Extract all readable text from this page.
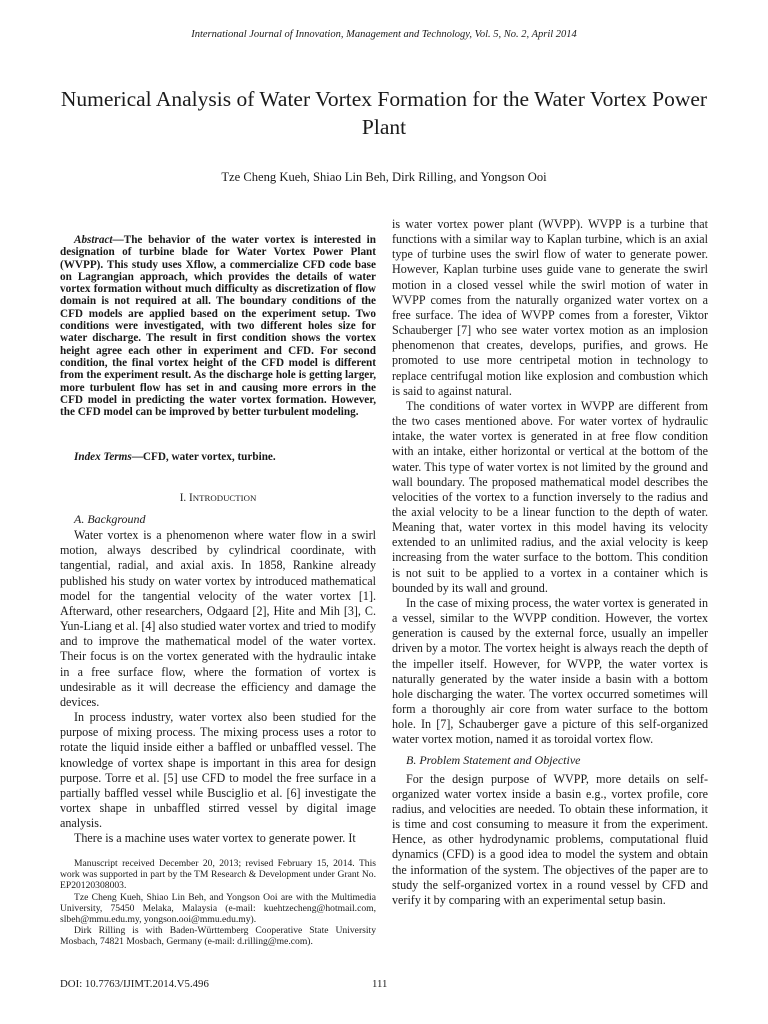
International Journal of Innovation, Management and Technology, Vol. 5, No. 2, April 2014
Numerical Analysis of Water Vortex Formation for the Water Vortex Power Plant
Tze Cheng Kueh, Shiao Lin Beh, Dirk Rilling, and Yongson Ooi
Abstract—The behavior of the water vortex is interested in designation of turbine blade for Water Vortex Power Plant (WVPP). This study uses Xflow, a commercialize CFD code base on Lagrangian approach, which provides the details of water vortex formation without much difficulty as discretization of flow domain is not required at all. The boundary conditions of the CFD models are applied based on the experiment setup. Two conditions were investigated, with two different holes size for water discharge. The result in first condition shows the vortex height agree each other in experiment and CFD. For second condition, the final vortex height of the CFD model is different from the experiment result. As the discharge hole is getting larger, more turbulent flow has set in and causing more errors in the CFD model in predicting the water vortex formation. However, the CFD model can be improved by better turbulent modeling.
Index Terms—CFD, water vortex, turbine.
I. INTRODUCTION

A. Background

Water vortex is a phenomenon where water flow in a swirl motion, always described by cylindrical coordinate, with tangential, radial, and axial axis. In 1858, Rankine already published his study on water vortex by introduced mathematical model for the tangential velocity of the water vortex [1]. Afterward, other researchers, Odgaard [2], Hite and Mih [3], C. Yun-Liang et al. [4] also studied water vortex and tried to modify and to improve the mathematical model of the water vortex. Their focus is on the vortex generated with the hydraulic intake in a free surface flow, where the formation of vortex is undesirable as it will decrease the efficiency and damage the devices.

In process industry, water vortex also been studied for the purpose of mixing process. The mixing process uses a rotor to rotate the liquid inside either a baffled or unbaffled vessel. The knowledge of vortex shape is important in this area for design purpose. Torre et al. [5] use CFD to model the free surface in a partially baffled vessel while Busciglio et al. [6] investigate the vortex shape in unbaffled stirred vessel by digital image analysis.

There is a machine uses water vortex to generate power. It

Manuscript received December 20, 2013; revised February 15, 2014. This work was supported in part by the TM Research & Development under Grant No. EP20120308003.

Tze Cheng Kueh, Shiao Lin Beh, and Yongson Ooi are with the Multimedia University, 75450 Melaka, Malaysia (e-mail: kuehtzecheng@hotmail.com, slbeh@mmu.edu.my, yongson.ooi@mmu.edu.my).

Dirk Rilling is with Baden-Württemberg Cooperative State University Mosbach, 74821 Mosbach, Germany (e-mail: d.rilling@me.com).

is water vortex power plant (WVPP). WVPP is a turbine that functions with a similar way to Kaplan turbine, which is an axial type of turbine uses the swirl flow of water to generate power. However, Kaplan turbine uses guide vane to generate the swirl motion in a closed vessel while the swirl motion of water in WVPP comes from the naturally organized water vortex on a free surface. The idea of WVPP comes from a forester, Viktor Schauberger [7] who see water vortex motion as an implosion phenomenon that creates, develops, purifies, and grows. He promoted to use more centripetal motion in technology to replace centrifugal motion like explosion and combustion which is said to against natural.

The conditions of water vortex in WVPP are different from the two cases mentioned above. For water vortex of hydraulic intake, the water vortex is generated in at free flow condition with an intake, either horizontal or vertical at the bottom of the water. This type of water vortex is not limited by the ground and wall boundary. The proposed mathematical model describes the velocities of the vortex to a function inversely to the radius and the axial velocity to be a linear function to the depth of water. Meaning that, water vortex in this model having its velocity extended to an unlimited radius, and the axial velocity is keep increasing from the water surface to the bottom. This condition is not suit to be applied to a vortex in a container which is bounded by its wall and ground.

In the case of mixing process, the water vortex is generated in a vessel, similar to the WVPP condition. However, the vortex generation is caused by the external force, usually an impeller driven by a motor. The vortex height is always reach the depth of the impeller itself. However, for WVPP, the water vortex is naturally generated by the water inside a basin with a bottom hole discharging the water. The vortex occurred sometimes will form a thoroughly air core from water surface to the bottom hole. In [7], Schauberger gave a picture of this self-organized water vortex motion, named it as toroidal vortex flow.

B. Problem Statement and Objective

For the design purpose of WVPP, more details on self-organized water vortex inside a basin e.g., vortex profile, core radius, and velocities are needed. To obtain these information, it is time and cost consuming to measure it from the experiment. Hence, as other hydrodynamic problems, computational fluid dynamics (CFD) is a good idea to model the system and obtain the information of the system. The objectives of the paper are to study the self-organized vortex in a round vessel by CFD and verify it by comparing with an experimental setup basin.

DOI: 10.7763/IJIMT.2014.V5.496	111
